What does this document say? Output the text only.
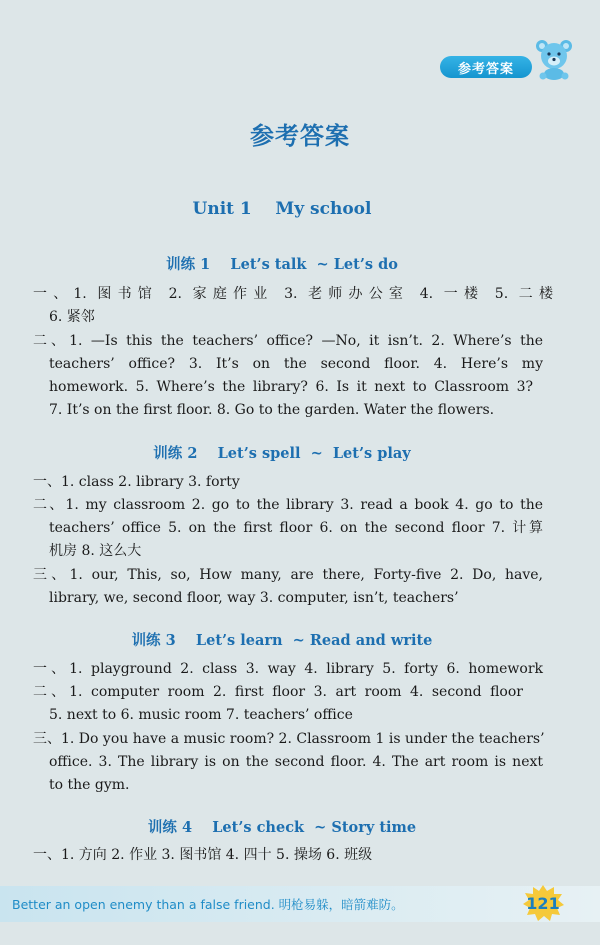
参考答案
参考答案
Unit 1    My school
训练 1    Let’s talk  ~ Let’s do
一、1. 图书馆 2. 家庭作业 3. 老师办公室 4. 一楼 5. 二楼
6. 紧邻
二、1. —Is this the teachers’ office? —No, it isn’t. 2. Where’s the
teachers’ office? 3. It’s on the second floor. 4. Here’s my
homework. 5. Where’s the library? 6. Is it next to Classroom 3?
7. It’s on the first floor. 8. Go to the garden. Water the flowers.
训练 2    Let’s spell  ~  Let’s play
一、1. class 2. library 3. forty
二、1. my classroom 2. go to the library 3. read a book 4. go to the
teachers’ office 5. on the first floor 6. on the second floor 7. 计算
机房 8. 这么大
三、1. our, This, so, How many, are there, Forty-five 2. Do, have,
library, we, second floor, way 3. computer, isn’t, teachers’
训练 3    Let’s learn  ~ Read and write
一、1. playground 2. class 3. way 4. library 5. forty 6. homework
二、1. computer room 2. first floor 3. art room 4. second floor
5. next to 6. music room 7. teachers’ office
三、1. Do you have a music room? 2. Classroom 1 is under the teachers’
office. 3. The library is on the second floor. 4. The art room is next
to the gym.
训练 4    Let’s check  ~ Story time
一、1. 方向 2. 作业 3. 图书馆 4. 四十 5. 操场 6. 班级
Better an open enemy than a false friend. 明枪易躲，暗箭难防。	121
